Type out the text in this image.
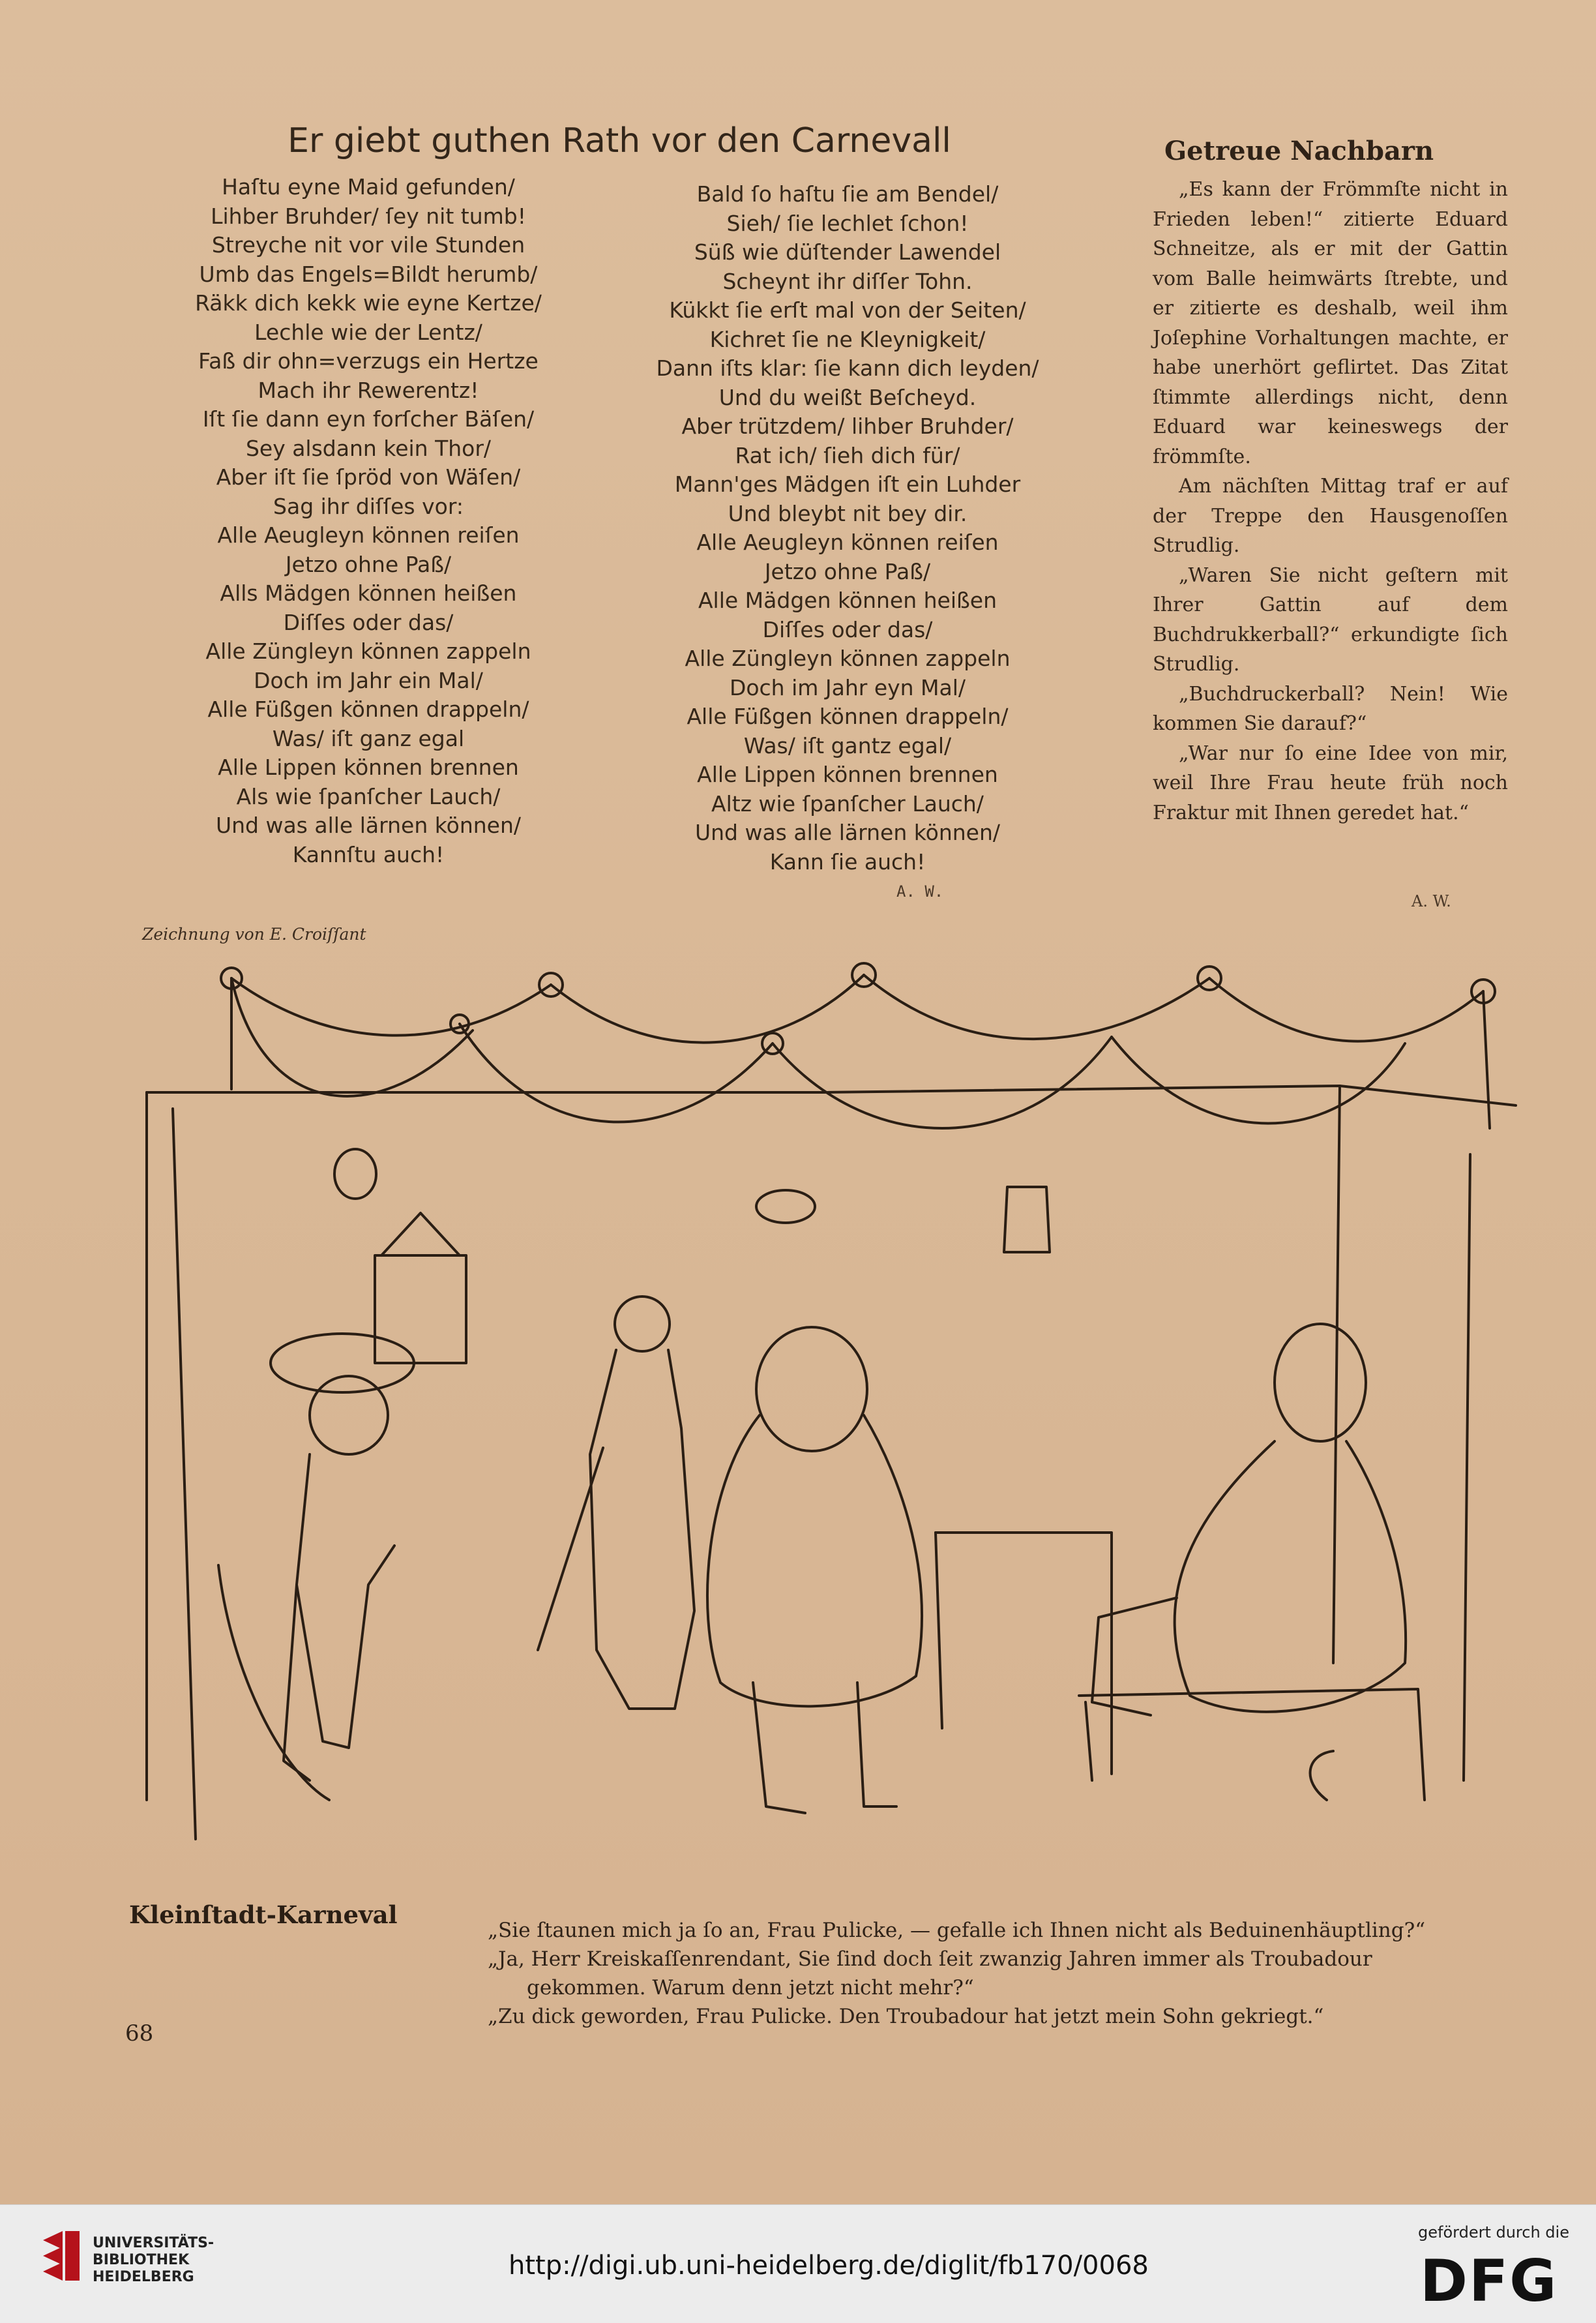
Er giebt guthen Rath vor den Carnevall
Haſtu eyne Maid gefunden/
Lihber Bruhder/ ſey nit tumb!
Streyche nit vor vile Stunden
Umb das Engels=Bildt herumb/
Räkk dich kekk wie eyne Kertze/
Lechle wie der Lentz/
Faß dir ohn=verzugs ein Hertze
Mach ihr Rewerentz!
Iſt ſie dann eyn forſcher Bäſen/
Sey alsdann kein Thor/
Aber iſt ſie ſpröd von Wäſen/
Sag ihr diſſes vor:
Alle Aeugleyn können reiſen
Jetzo ohne Paß/
Alls Mädgen können heißen
Diſſes oder das/
Alle Züngleyn können zappeln
Doch im Jahr ein Mal/
Alle Füßgen können drappeln/
Was/ iſt ganz egal
Alle Lippen können brennen
Als wie ſpanſcher Lauch/
Und was alle lärnen können/
Kannſtu auch!
Bald ſo haſtu ſie am Bendel/
Sieh/ ſie lechlet ſchon!
Süß wie düſtender Lawendel
Scheynt ihr diſſer Tohn.
Kükkt ſie erſt mal von der Seiten/
Kichret ſie ne Kleynigkeit/
Dann iſts klar: ſie kann dich leyden/
Und du weißt Beſcheyd.
Aber trützdem/ lihber Bruhder/
Rat ich/ ſieh dich für/
Mann'ges Mädgen iſt ein Luhder
Und bleybt nit bey dir.
Alle Aeugleyn können reiſen
Jetzo ohne Paß/
Alle Mädgen können heißen
Diſſes oder das/
Alle Züngleyn können zappeln
Doch im Jahr eyn Mal/
Alle Füßgen können drappeln/
Was/ iſt gantz egal/
Alle Lippen können brennen
Altz wie ſpanſcher Lauch/
Und was alle lärnen können/
Kann ſie auch!
A. W.
Getreue Nachbarn

„Es kann der Frömmſte nicht in Frieden leben!“ zitierte Eduard Schneitze, als er mit der Gattin vom Balle heimwärts ſtrebte, und er zitierte es deshalb, weil ihm Joſephine Vorhaltungen machte, er habe unerhört geflirtet. Das Zitat ſtimmte allerdings nicht, denn Eduard war keineswegs der frömmſte.

Am nächſten Mittag traf er auf der Treppe den Hausgenoſſen Strudlig.

„Waren Sie nicht geſtern mit Ihrer Gattin auf dem Buchdrukkerball?“ erkundigte ſich Strudlig.

„Buchdruckerball? Nein! Wie kommen Sie darauf?“

„War nur ſo eine Idee von mir, weil Ihre Frau heute früh noch Fraktur mit Ihnen geredet hat.“

A. W.
Zeichnung von E. Croiſſant
Kleinſtadt-Karneval
„Sie ſtaunen mich ja ſo an, Frau Pulicke, — gefalle ich Ihnen nicht als Beduinenhäuptling?“
„Ja, Herr Kreiskaſſenrendant, Sie ſind doch ſeit zwanzig Jahren immer als Troubadour
gekommen. Warum denn jetzt nicht mehr?“
„Zu dick geworden, Frau Pulicke. Den Troubadour hat jetzt mein Sohn gekriegt.“
68
UNIVERSITÄTS-
BIBLIOTHEK
HEIDELBERG	http://digi.ub.uni-heidelberg.de/diglit/fb170/0068
gefördert durch die
DFG
